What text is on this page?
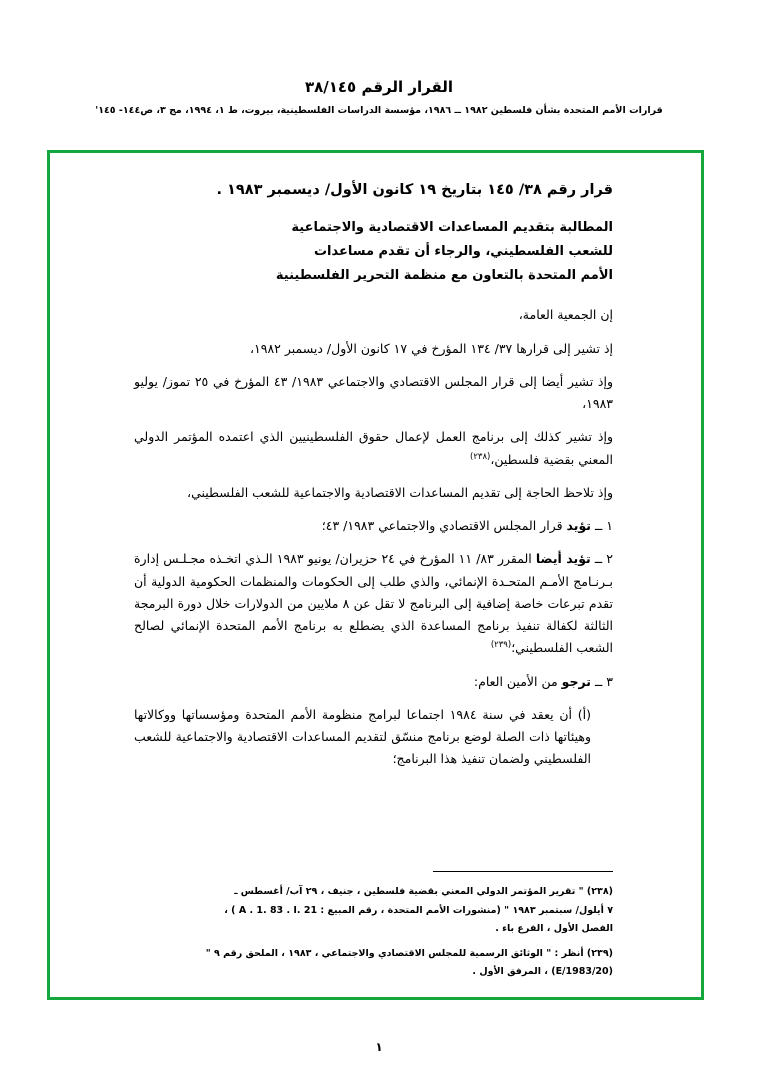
القرار الرقم ٣٨/١٤٥
قرارات الأمم المتحدة بشأن فلسطين ١٩٨٢ ــ ١٩٨٦، مؤسسة الدراسات الفلسطينية، بيروت، ط ١، ١٩٩٤، مج ٣، ص١٤٤- ١٤٥'
قرار رقم ٣٨/ ١٤٥ بتاريخ ١٩ كانون الأول/ ديسمبر ١٩٨٣ .
المطالبة بتقديم المساعدات الاقتصادية والاجتماعية
للشعب الفلسطيني، والرجاء أن تقدم مساعدات
الأمم المتحدة بالتعاون مع منظمة التحرير الفلسطينية

إن الجمعية العامة،

إذ تشير إلى قرارها ٣٧/ ١٣٤ المؤرخ في ١٧ كانون الأول/ ديسمبر ١٩٨٢،

وإذ تشير أيضا إلى قرار المجلس الاقتصادي والاجتماعي ١٩٨٣/ ٤٣ المؤرخ في ٢٥ تموز/ يوليو ١٩٨٣،

وإذ تشير كذلك إلى برنامج العمل لإعمال حقوق الفلسطينيين الذي اعتمده المؤتمر الدولي المعني بقضية فلسطين،$^{(٢٣٨)}$

وإذ تلاحظ الحاجة إلى تقديم المساعدات الاقتصادية والاجتماعية للشعب الفلسطيني،

١ ــ تؤيد قرار المجلس الاقتصادي والاجتماعي ١٩٨٣/ ٤٣؛

٢ ــ تؤيد أيضا المقرر ٨٣/ ١١ المؤرخ في ٢٤ حزيران/ يونيو ١٩٨٣ الـذي اتخـذه مجـلـس إدارة بـرنـامج الأمـم المتحـدة الإنمائي، والذي طلب إلى الحكومات والمنظمات الحكومية الدولية أن تقدم تبرعات خاصة إضافية إلى البرنامج لا تقل عن ٨ ملايين من الدولارات خلال دورة البرمجة الثالثة لكفالة تنفيذ برنامج المساعدة الذي يضطلع به برنامج الأمم المتحدة الإنمائي لصالح الشعب الفلسطيني؛$^{(٢٣٩)}$

٣ ــ ترجو من الأمين العام:

(أ) أن يعقد في سنة ١٩٨٤ اجتماعا لبرامج منظومة الأمم المتحدة ومؤسساتها ووكالاتها وهيئاتها ذات الصلة لوضع برنامج منسّق لتقديم المساعدات الاقتصادية والاجتماعية للشعب الفلسطيني ولضمان تنفيذ هذا البرنامج؛

(٢٣٨) " تقرير المؤتمر الدولي المعني بقضية فلسطين ، جنيف ، ٢٩ آب/ أغسطس ـ
٧ أيلول/ سبتمبر ١٩٨٣ " (منشورات الأمم المتحدة ، رقم المبيع : A . 1. 83 . I. 21 ) ،
الفصل الأول ، الفرع باء .
(٢٣٩) أنظر : " الوثائق الرسمية للمجلس الاقتصادي والاجتماعي ، ١٩٨٣ ، الملحق رقم ٩ "
(E/1983/20) ، المرفق الأول .
١
